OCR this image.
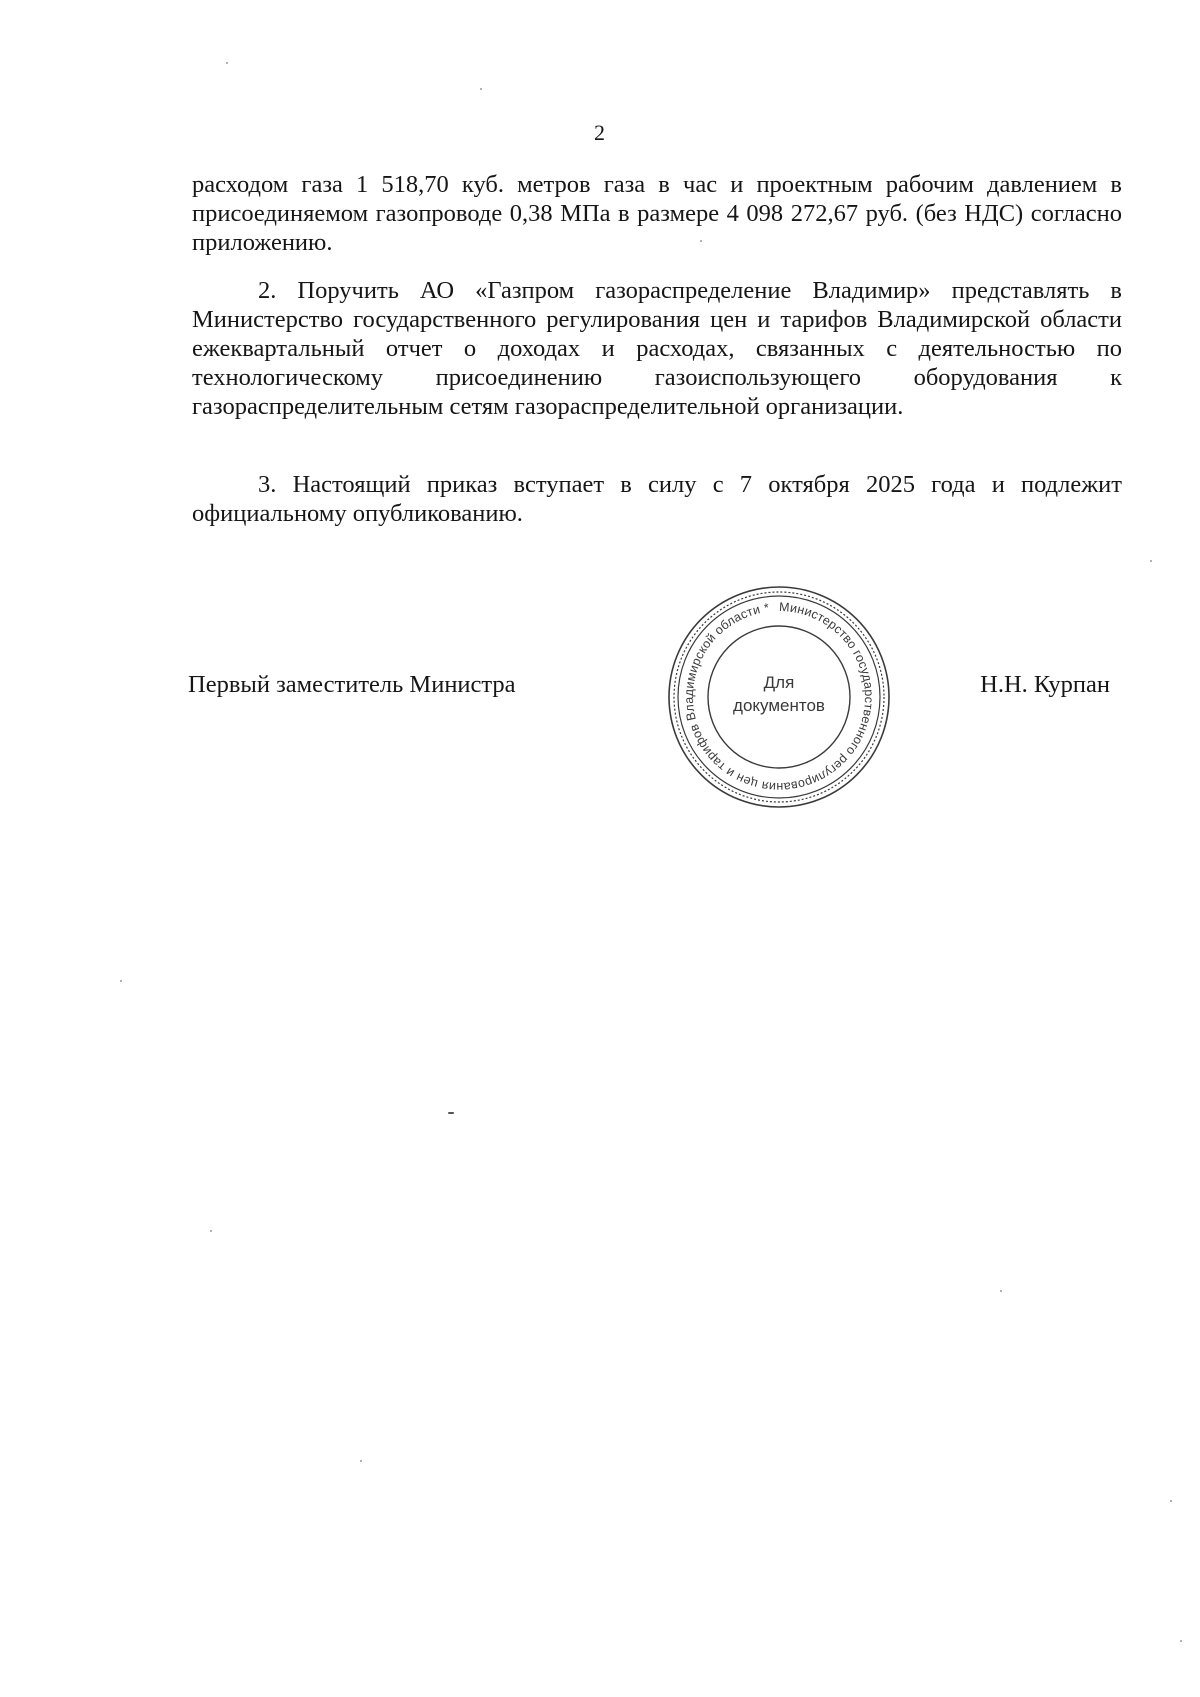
2

расходом газа 1 518,70 куб. метров газа в час и проектным рабочим давлением в присоединяемом газопроводе 0,38 МПа в размере 4 098 272,67 руб. (без НДС) согласно приложению.

2. Поручить АО «Газпром газораспределение Владимир» представлять в Министерство государственного регулирования цен и тарифов Владимирской области ежеквартальный отчет о доходах и расходах, связанных с деятельностью по технологическому присоединению газоиспользующего оборудования к газораспределительным сетям газораспределительной организации.

3. Настоящий приказ вступает в силу с 7 октября 2025 года и подлежит официальному опубликованию.

Первый заместитель Министра
Министерство государственного регулирования цен и тарифов Владимирской области *
Для
документов
Н.Н. Курпан
